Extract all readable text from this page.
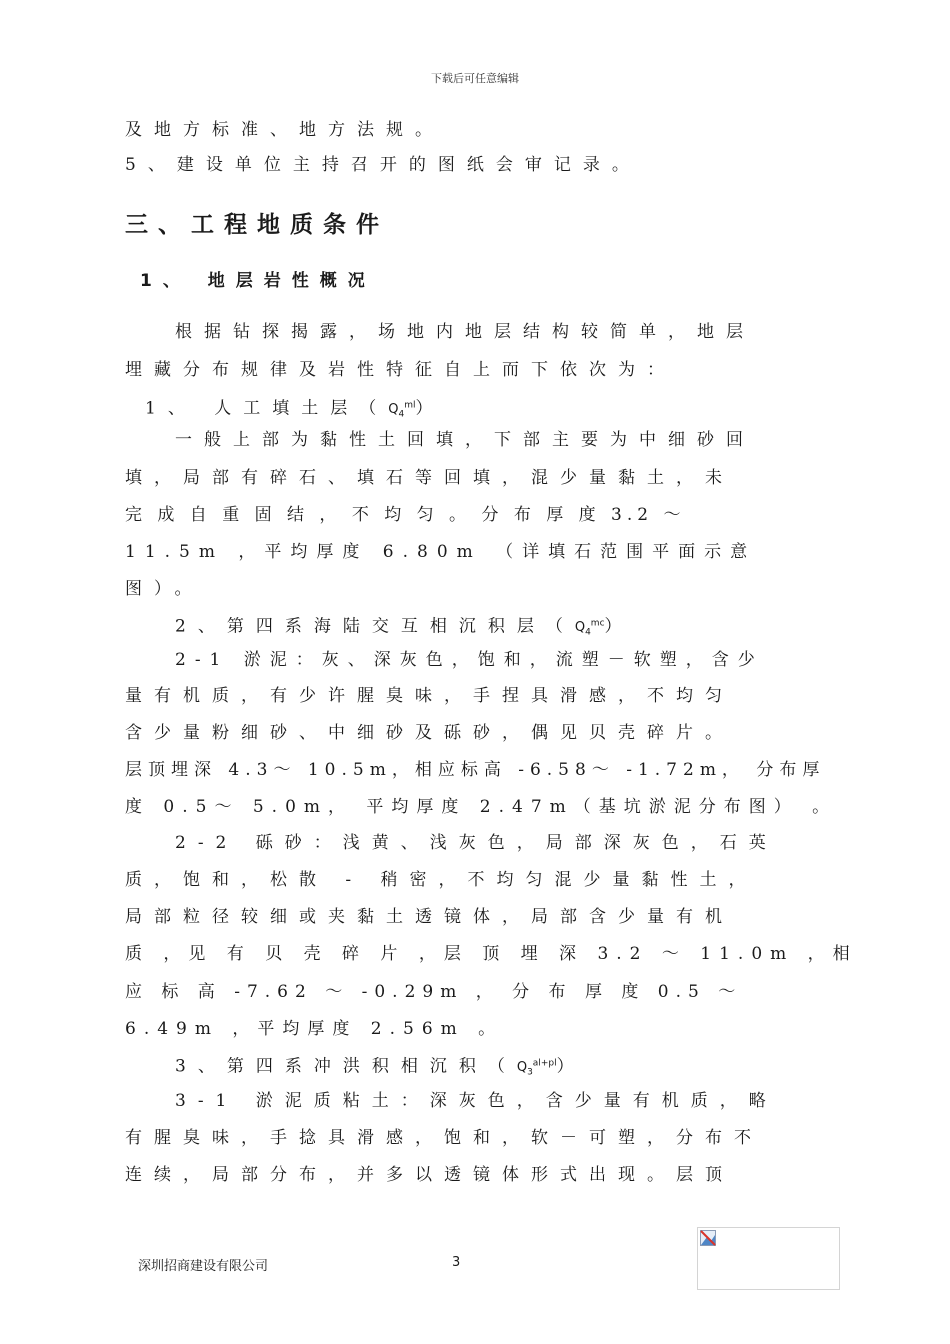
下载后可任意编辑
及地方标准、地方法规。
5、建设单位主持召开的图纸会审记录。
三、工程地质条件
1、 地层岩性概况
根据钻探揭露，场地内地层结构较简单，地层
埋藏分布规律及岩性特征自上而下依次为：
1、 人工填土层$(Q_4^{ml})$
一般上部为黏性土回填，下部主要为中细砂回
填，局部有碎石、填石等回填，混少量黏土，未
完 成 自 重 固 结 ， 不 均 匀 。 分 布 厚 度 3.2 ～
11.5m ，平均厚度 6.80m （详填石范围平面示意
图）。
2、第四系海陆交互相沉积层$(Q_4^{mc})$
2-1 淤泥：灰、深灰色，饱和，流塑－软塑，含少
量有机质，有少许腥臭味，手捏具滑感，不均匀
含少量粉细砂、中细砂及砾砂，偶见贝壳碎片。
层顶埋深 4.3～ 10.5m，相应标高 -6.58～ -1.72m， 分布厚
度 0.5～ 5.0m， 平均厚度 2.47m（基坑淤泥分布图） 。
2-2 砾砂：浅黄、浅灰色，局部深灰色，石英
质，饱和，松散 - 稍密，不均匀混少量黏性土，
局部粒径较细或夹黏土透镜体，局部含少量有机
质 ，见 有 贝 壳 碎 片 ，层 顶 埋 深 3.2 ～ 11.0m ，相
应 标 高 -7.62 ～ -0.29m ， 分 布 厚 度 0.5 ～
6.49m ，平均厚度 2.56m 。
3、第四系冲洪积相沉积$(Q_3^{al+pl})$
3-1 淤泥质粘土：深灰色，含少量有机质，略
有腥臭味，手捻具滑感，饱和，软－可塑，分布不
连续，局部分布，并多以透镜体形式出现。层顶
深圳招商建设有限公司	3
